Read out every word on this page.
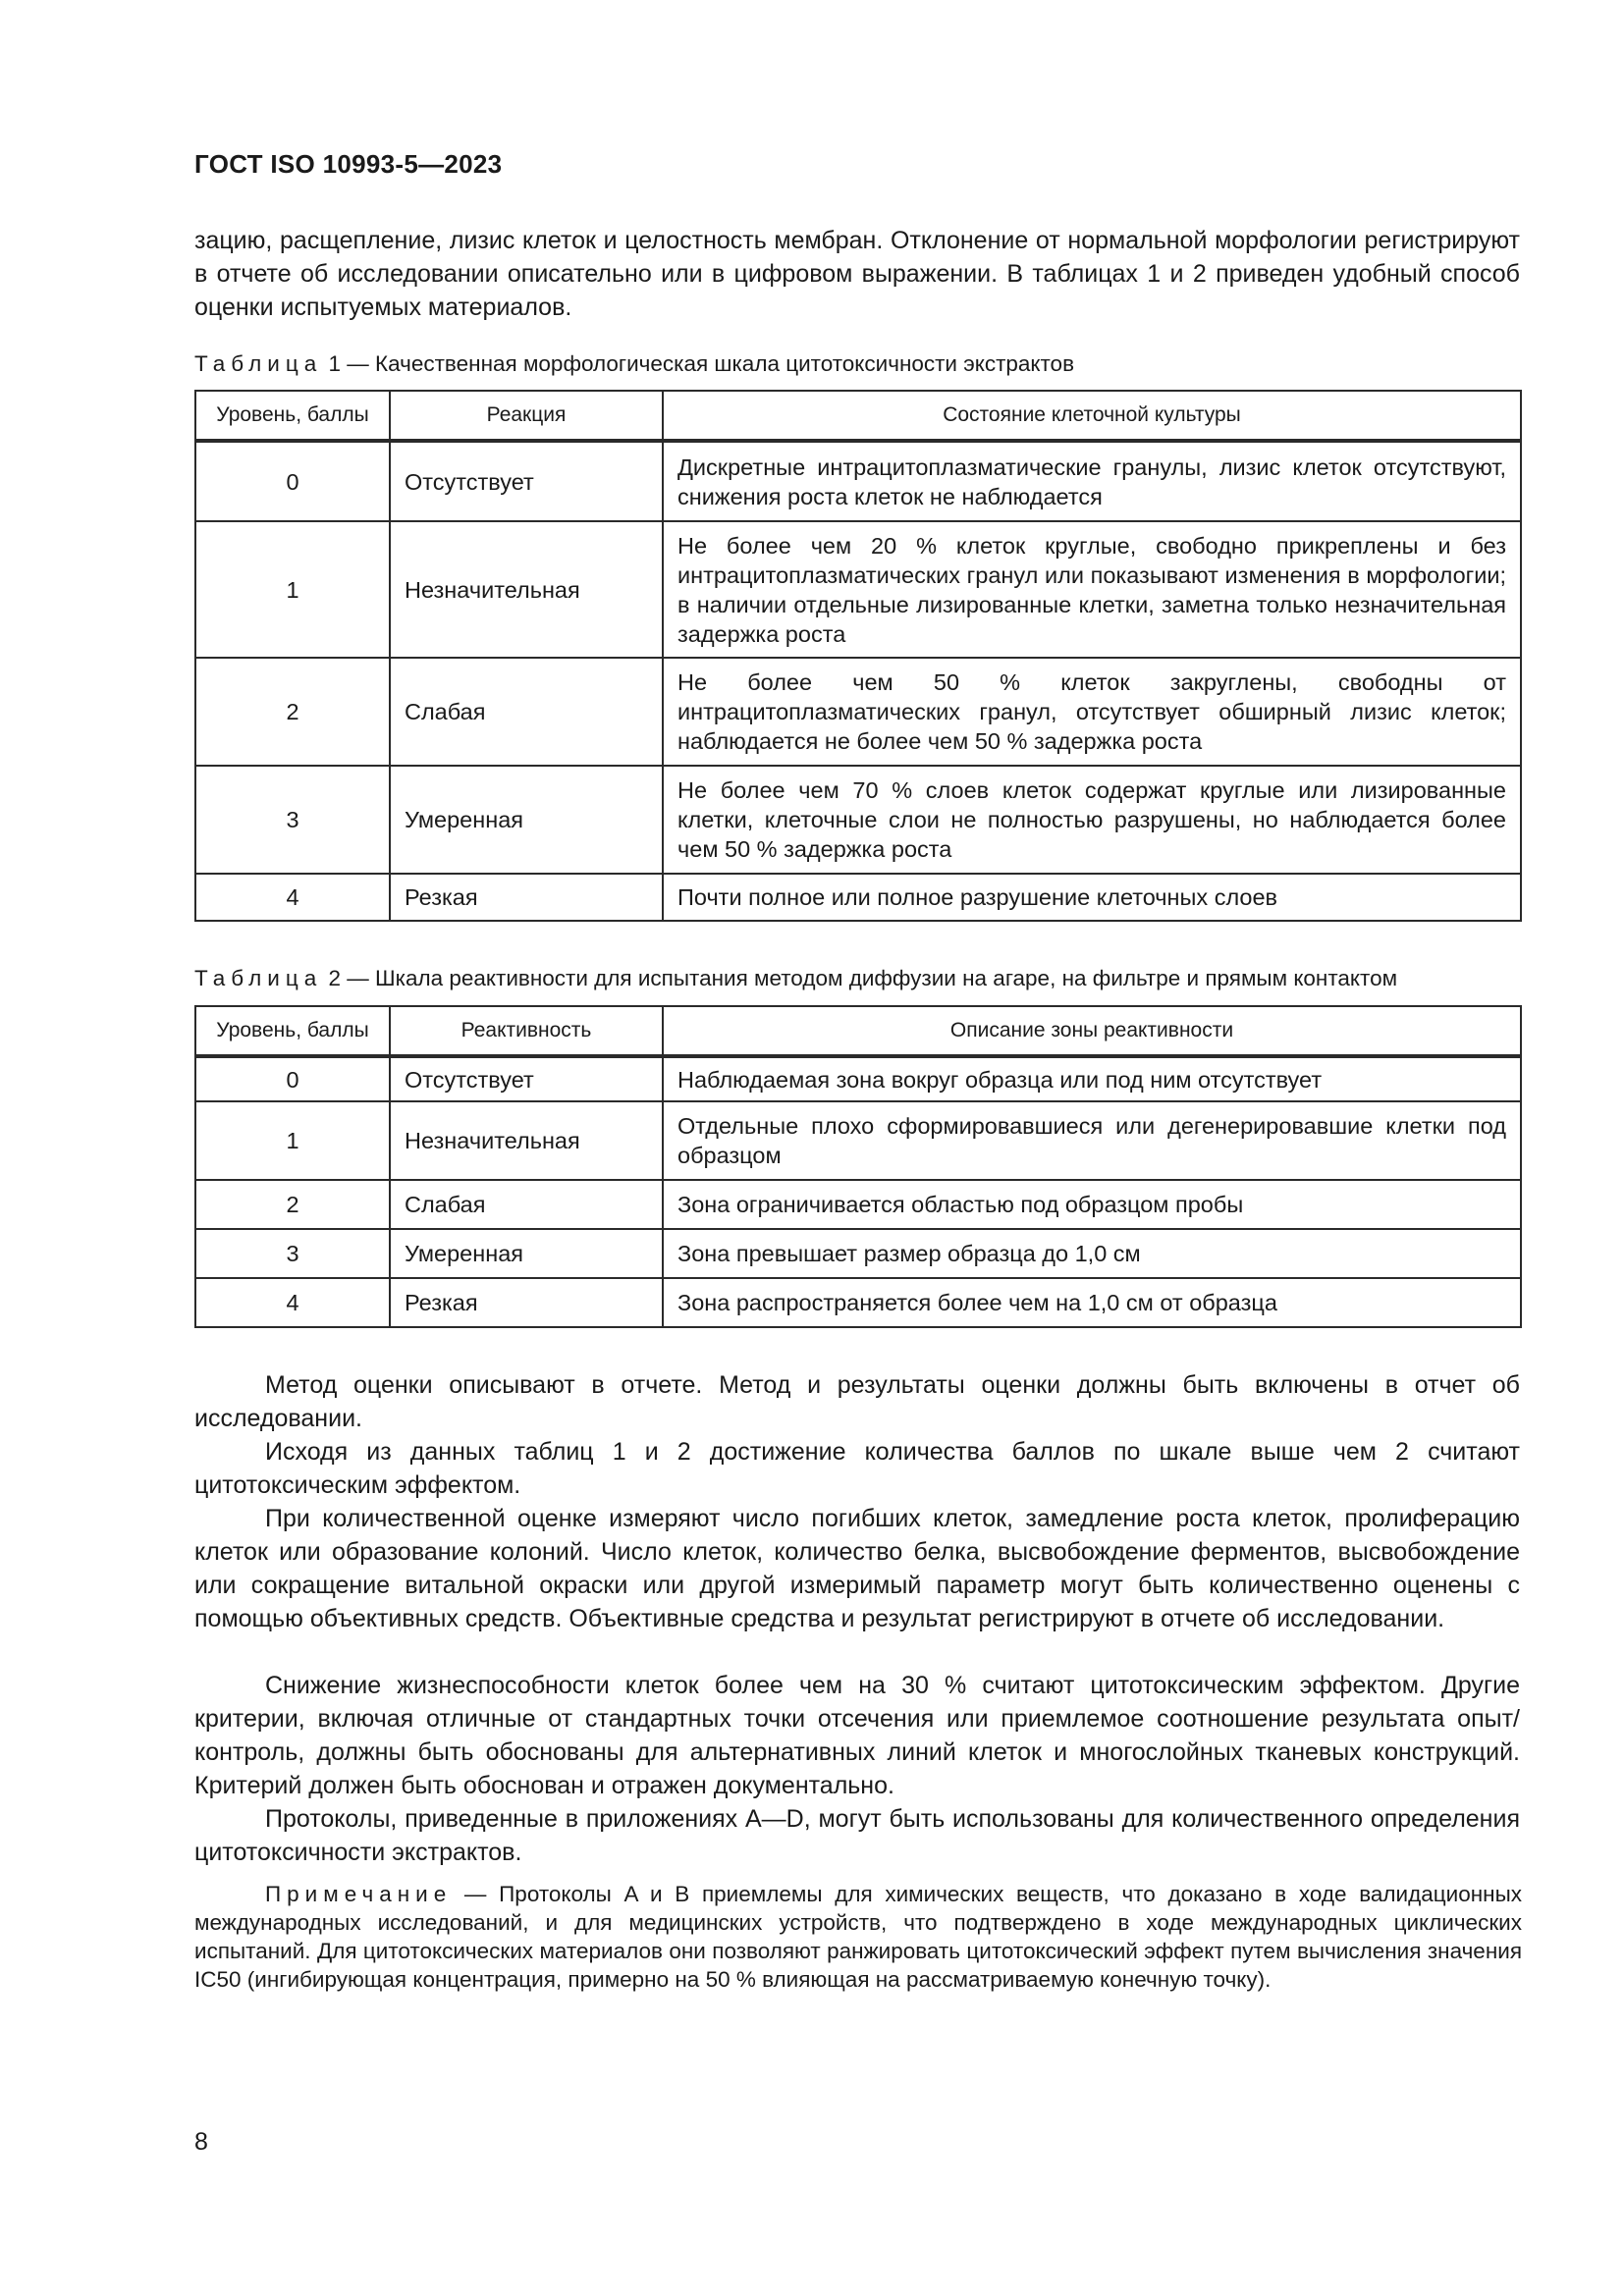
ГОСТ ISO 10993-5—2023

зацию, расщепление, лизис клеток и целостность мембран. Отклонение от нормальной морфологии регистрируют в отчете об исследовании описательно или в цифровом выражении. В таблицах 1 и 2 приведен удобный способ оценки испытуемых материалов.

Таблица 1 — Качественная морфологическая шкала цитотоксичности экстрактов
Уровень, баллы	Реакция	Состояние клеточной культуры
0	Отсутствует	Дискретные интрацитоплазматические гранулы, лизис клеток отсутствуют, снижения роста клеток не наблюдается
1	Незначительная	Не более чем 20 % клеток круглые, свободно прикреплены и без интрацитоплазматических гранул или показывают изменения в морфологии; в наличии отдельные лизированные клетки, заметна только незначительная задержка роста
2	Слабая	Не более чем 50 % клеток закруглены, свободны от интрацитоплазматических гранул, отсутствует обширный лизис клеток; наблюдается не более чем 50 % задержка роста
3	Умеренная	Не более чем 70 % слоев клеток содержат круглые или лизированные клетки, клеточные слои не полностью разрушены, но наблюдается более чем 50 % задержка роста
4	Резкая	Почти полное или полное разрушение клеточных слоев
Таблица 2 — Шкала реактивности для испытания методом диффузии на агаре, на фильтре и прямым контактом
Уровень, баллы	Реактивность	Описание зоны реактивности
0	Отсутствует	Наблюдаемая зона вокруг образца или под ним отсутствует
1	Незначительная	Отдельные плохо сформировавшиеся или дегенерировавшие клетки под образцом
2	Слабая	Зона ограничивается областью под образцом пробы
3	Умеренная	Зона превышает размер образца до 1,0 см
4	Резкая	Зона распространяется более чем на 1,0 см от образца

Метод оценки описывают в отчете. Метод и результаты оценки должны быть включены в отчет об исследовании.

Исходя из данных таблиц 1 и 2 достижение количества баллов по шкале выше чем 2 считают цитотоксическим эффектом.

При количественной оценке измеряют число погибших клеток, замедление роста клеток, пролиферацию клеток или образование колоний. Число клеток, количество белка, высвобождение ферментов, высвобождение или сокращение витальной окраски или другой измеримый параметр могут быть количественно оценены с помощью объективных средств. Объективные средства и результат регистрируют в отчете об исследовании.

Снижение жизнеспособности клеток более чем на 30 % считают цитотоксическим эффектом. Другие критерии, включая отличные от стандартных точки отсечения или приемлемое соотношение результата опыт/контроль, должны быть обоснованы для альтернативных линий клеток и многослойных тканевых конструкций. Критерий должен быть обоснован и отражен документально.

Протоколы, приведенные в приложениях A—D, могут быть использованы для количественного определения цитотоксичности экстрактов.

Примечание — Протоколы A и B приемлемы для химических веществ, что доказано в ходе валидационных международных исследований, и для медицинских устройств, что подтверждено в ходе международных циклических испытаний. Для цитотоксических материалов они позволяют ранжировать цитотоксический эффект путем вычисления значения IC50 (ингибирующая концентрация, примерно на 50 % влияющая на рассматриваемую конечную точку).

8
